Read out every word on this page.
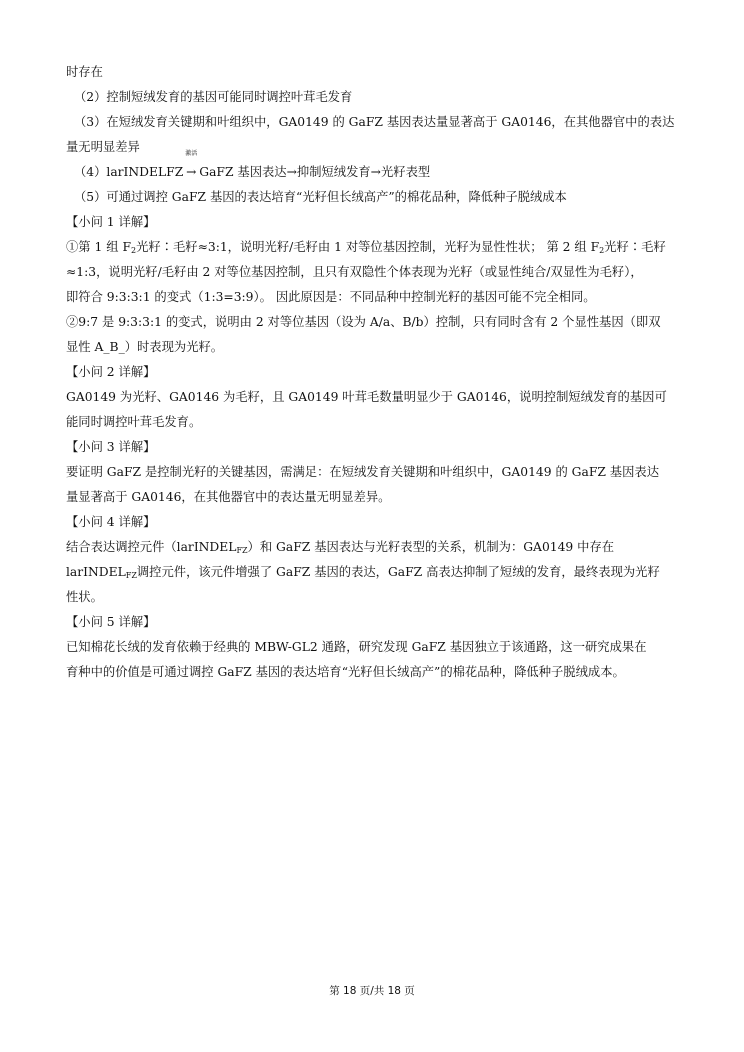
时存在

（2）控制短绒发育的基因可能同时调控叶茸毛发育

（3）在短绒发育关键期和叶组织中，GA0149 的 GaFZ 基因表达量显著高于 GA0146，在其他器官中的表达

量无明显差异

（4）larINDELFZ
激活
→ GaFZ 基因表达→抑制短绒发育→光籽表型

（5）可通过调控 GaFZ 基因的表达培育“光籽但长绒高产”的棉花品种，降低种子脱绒成本

【小问 1 详解】

①第 1 组 $F_2$光籽∶毛籽≈3:1，说明光籽/毛籽由 1 对等位基因控制，光籽为显性性状； 第 2 组 $F_2$光籽∶毛籽

≈1:3，说明光籽/毛籽由 2 对等位基因控制，且只有双隐性个体表现为光籽（或显性纯合/双显性为毛籽），

即符合 9:3:3:1 的变式（1:3=3:9）。 因此原因是：不同品种中控制光籽的基因可能不完全相同。

②9:7 是 9:3:3:1 的变式，说明由 2 对等位基因（设为 A/a、B/b）控制，只有同时含有 2 个显性基因（即双

显性 A_B_）时表现为光籽。

【小问 2 详解】

GA0149 为光籽、GA0146 为毛籽，且 GA0149 叶茸毛数量明显少于 GA0146，说明控制短绒发育的基因可

能同时调控叶茸毛发育。

【小问 3 详解】

要证明 GaFZ 是控制光籽的关键基因，需满足：在短绒发育关键期和叶组织中，GA0149 的 GaFZ 基因表达

量显著高于 GA0146，在其他器官中的表达量无明显差异。

【小问 4 详解】

结合表达调控元件（larINDEL$_{FZ}$）和 GaFZ 基因表达与光籽表型的关系，机制为：GA0149 中存在

larINDEL$_{FZ}$调控元件，该元件增强了 GaFZ 基因的表达，GaFZ 高表达抑制了短绒的发育，最终表现为光籽

性状。

【小问 5 详解】

已知棉花长绒的发育依赖于经典的 MBW-GL2 通路，研究发现 GaFZ 基因独立于该通路，这一研究成果在

育种中的价值是可通过调控 GaFZ 基因的表达培育“光籽但长绒高产”的棉花品种，降低种子脱绒成本。

第 18 页/共 18 页
